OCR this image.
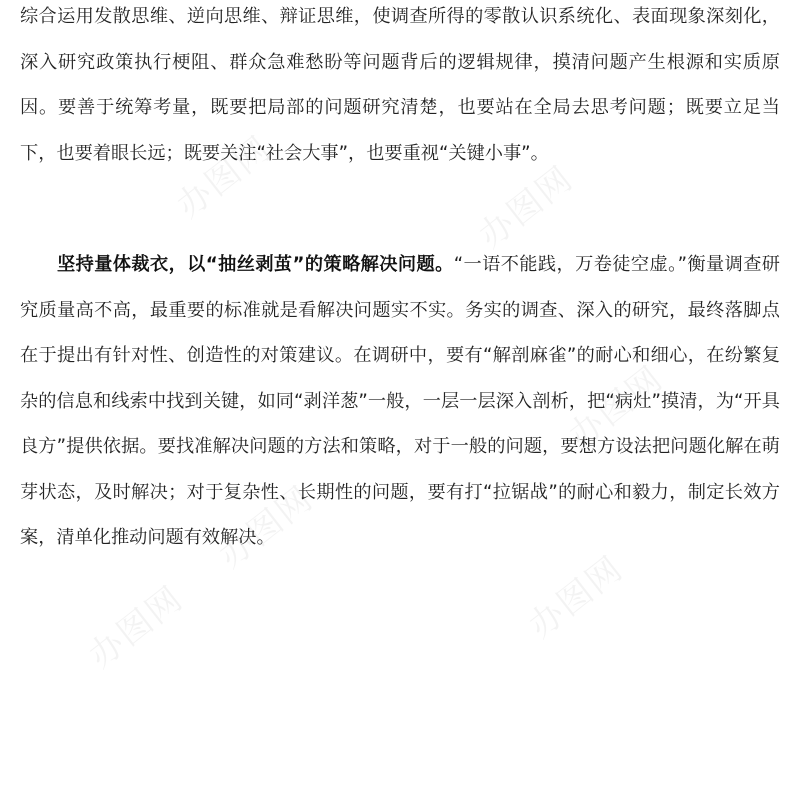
综合运用发散思维、逆向思维、辩证思维，使调查所得的零散认识系统化、表面现象深刻化，深入研究政策执行梗阻、群众急难愁盼等问题背后的逻辑规律，摸清问题产生根源和实质原因。要善于统筹考量，既要把局部的问题研究清楚，也要站在全局去思考问题；既要立足当下，也要着眼长远；既要关注“社会大事”，也要重视“关键小事”。

坚持量体裁衣，以“抽丝剥茧”的策略解决问题。“一语不能践，万卷徒空虚。”衡量调查研究质量高不高，最重要的标准就是看解决问题实不实。务实的调查、深入的研究，最终落脚点在于提出有针对性、创造性的对策建议。在调研中，要有“解剖麻雀”的耐心和细心，在纷繁复杂的信息和线索中找到关键，如同“剥洋葱”一般，一层一层深入剖析，把“病灶”摸清，为“开具良方”提供依据。要找准解决问题的方法和策略，对于一般的问题，要想方设法把问题化解在萌芽状态，及时解决；对于复杂性、长期性的问题，要有打“拉锯战”的耐心和毅力，制定长效方案，清单化推动问题有效解决。
